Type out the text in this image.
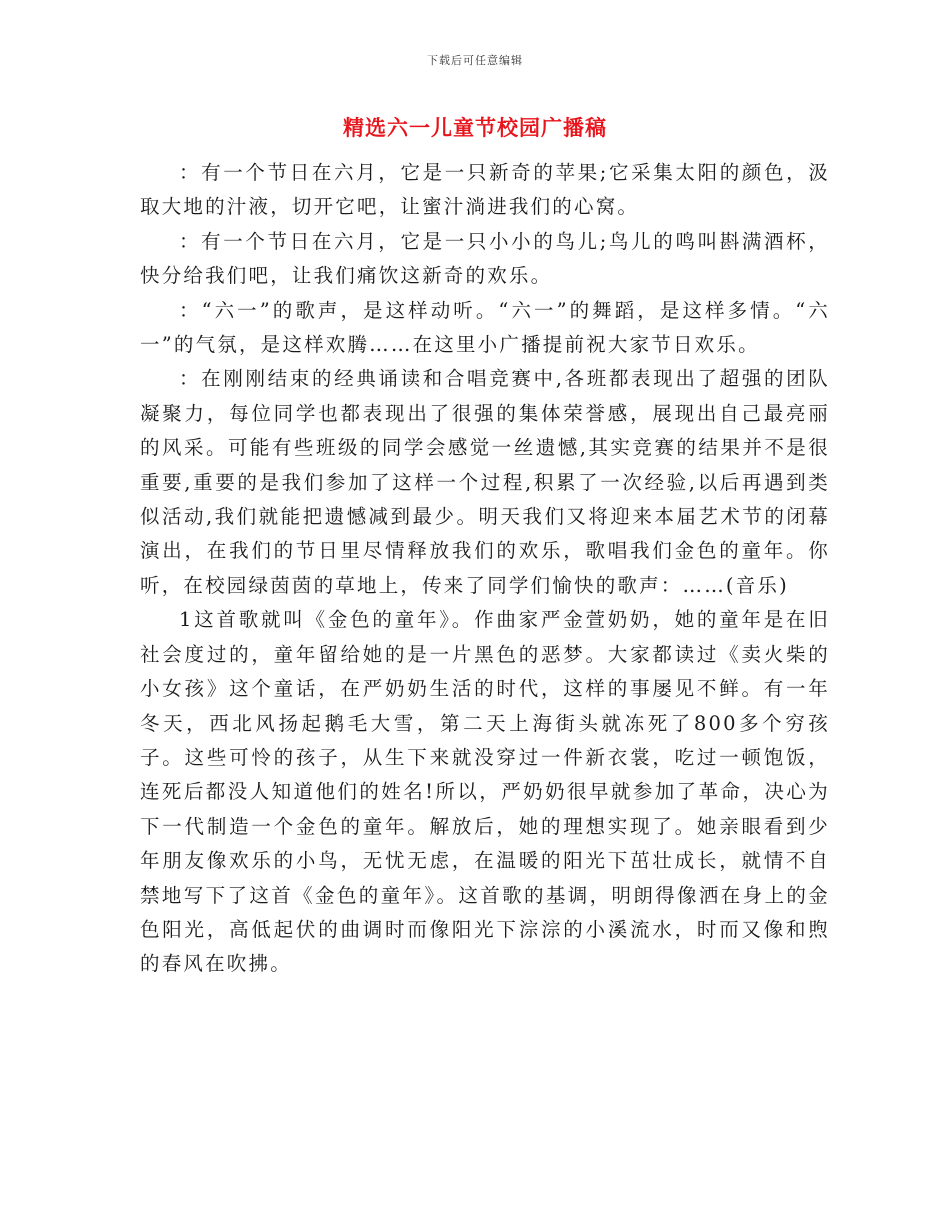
下载后可任意编辑
精选六一儿童节校园广播稿

：有一个节日在六月，它是一只新奇的苹果;它采集太阳的颜色，汲取大地的汁液，切开它吧，让蜜汁淌进我们的心窝。

：有一个节日在六月，它是一只小小的鸟儿;鸟儿的鸣叫斟满酒杯，快分给我们吧，让我们痛饮这新奇的欢乐。

：“六一”的歌声，是这样动听。“六一”的舞蹈，是这样多情。“六一”的气氛，是这样欢腾……在这里小广播提前祝大家节日欢乐。

：在刚刚结束的经典诵读和合唱竞赛中,各班都表现出了超强的团队凝聚力，每位同学也都表现出了很强的集体荣誉感，展现出自己最亮丽的风采。可能有些班级的同学会感觉一丝遗憾,其实竞赛的结果并不是很重要,重要的是我们参加了这样一个过程,积累了一次经验,以后再遇到类似活动,我们就能把遗憾减到最少。明天我们又将迎来本届艺术节的闭幕演出，在我们的节日里尽情释放我们的欢乐，歌唱我们金色的童年。你听，在校园绿茵茵的草地上，传来了同学们愉快的歌声：……(音乐)

1这首歌就叫《金色的童年》。作曲家严金萱奶奶，她的童年是在旧社会度过的，童年留给她的是一片黑色的恶梦。大家都读过《卖火柴的小女孩》这个童话，在严奶奶生活的时代，这样的事屡见不鲜。有一年冬天，西北风扬起鹅毛大雪，第二天上海街头就冻死了800多个穷孩子。这些可怜的孩子，从生下来就没穿过一件新衣裳，吃过一顿饱饭，连死后都没人知道他们的姓名!所以，严奶奶很早就参加了革命，决心为下一代制造一个金色的童年。解放后，她的理想实现了。她亲眼看到少年朋友像欢乐的小鸟，无忧无虑，在温暖的阳光下茁壮成长，就情不自禁地写下了这首《金色的童年》。这首歌的基调，明朗得像洒在身上的金色阳光，高低起伏的曲调时而像阳光下淙淙的小溪流水，时而又像和煦的春风在吹拂。
